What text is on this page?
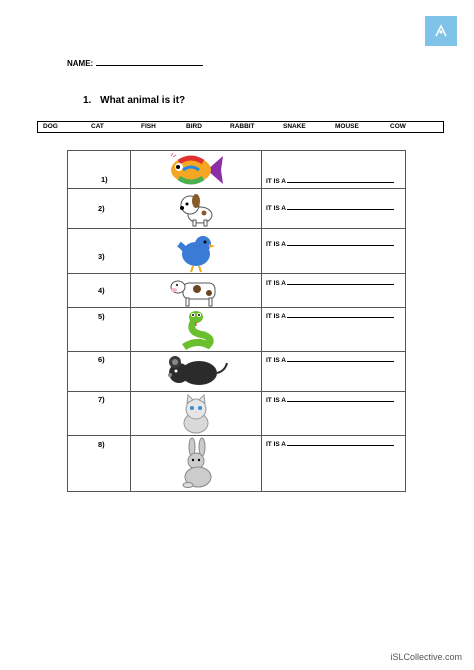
NAME:
1. What animal is it?
DOG	CAT	FISH	BIRD	RABBIT	SNAKE	MOUSE	COW
1)		IT IS A

2)		IT IS A

3)		IT IS A

4)		IT IS A

5)		IT IS A

6)		IT IS A

7)		IT IS A

8)		IT IS A
iSLCollective.com
